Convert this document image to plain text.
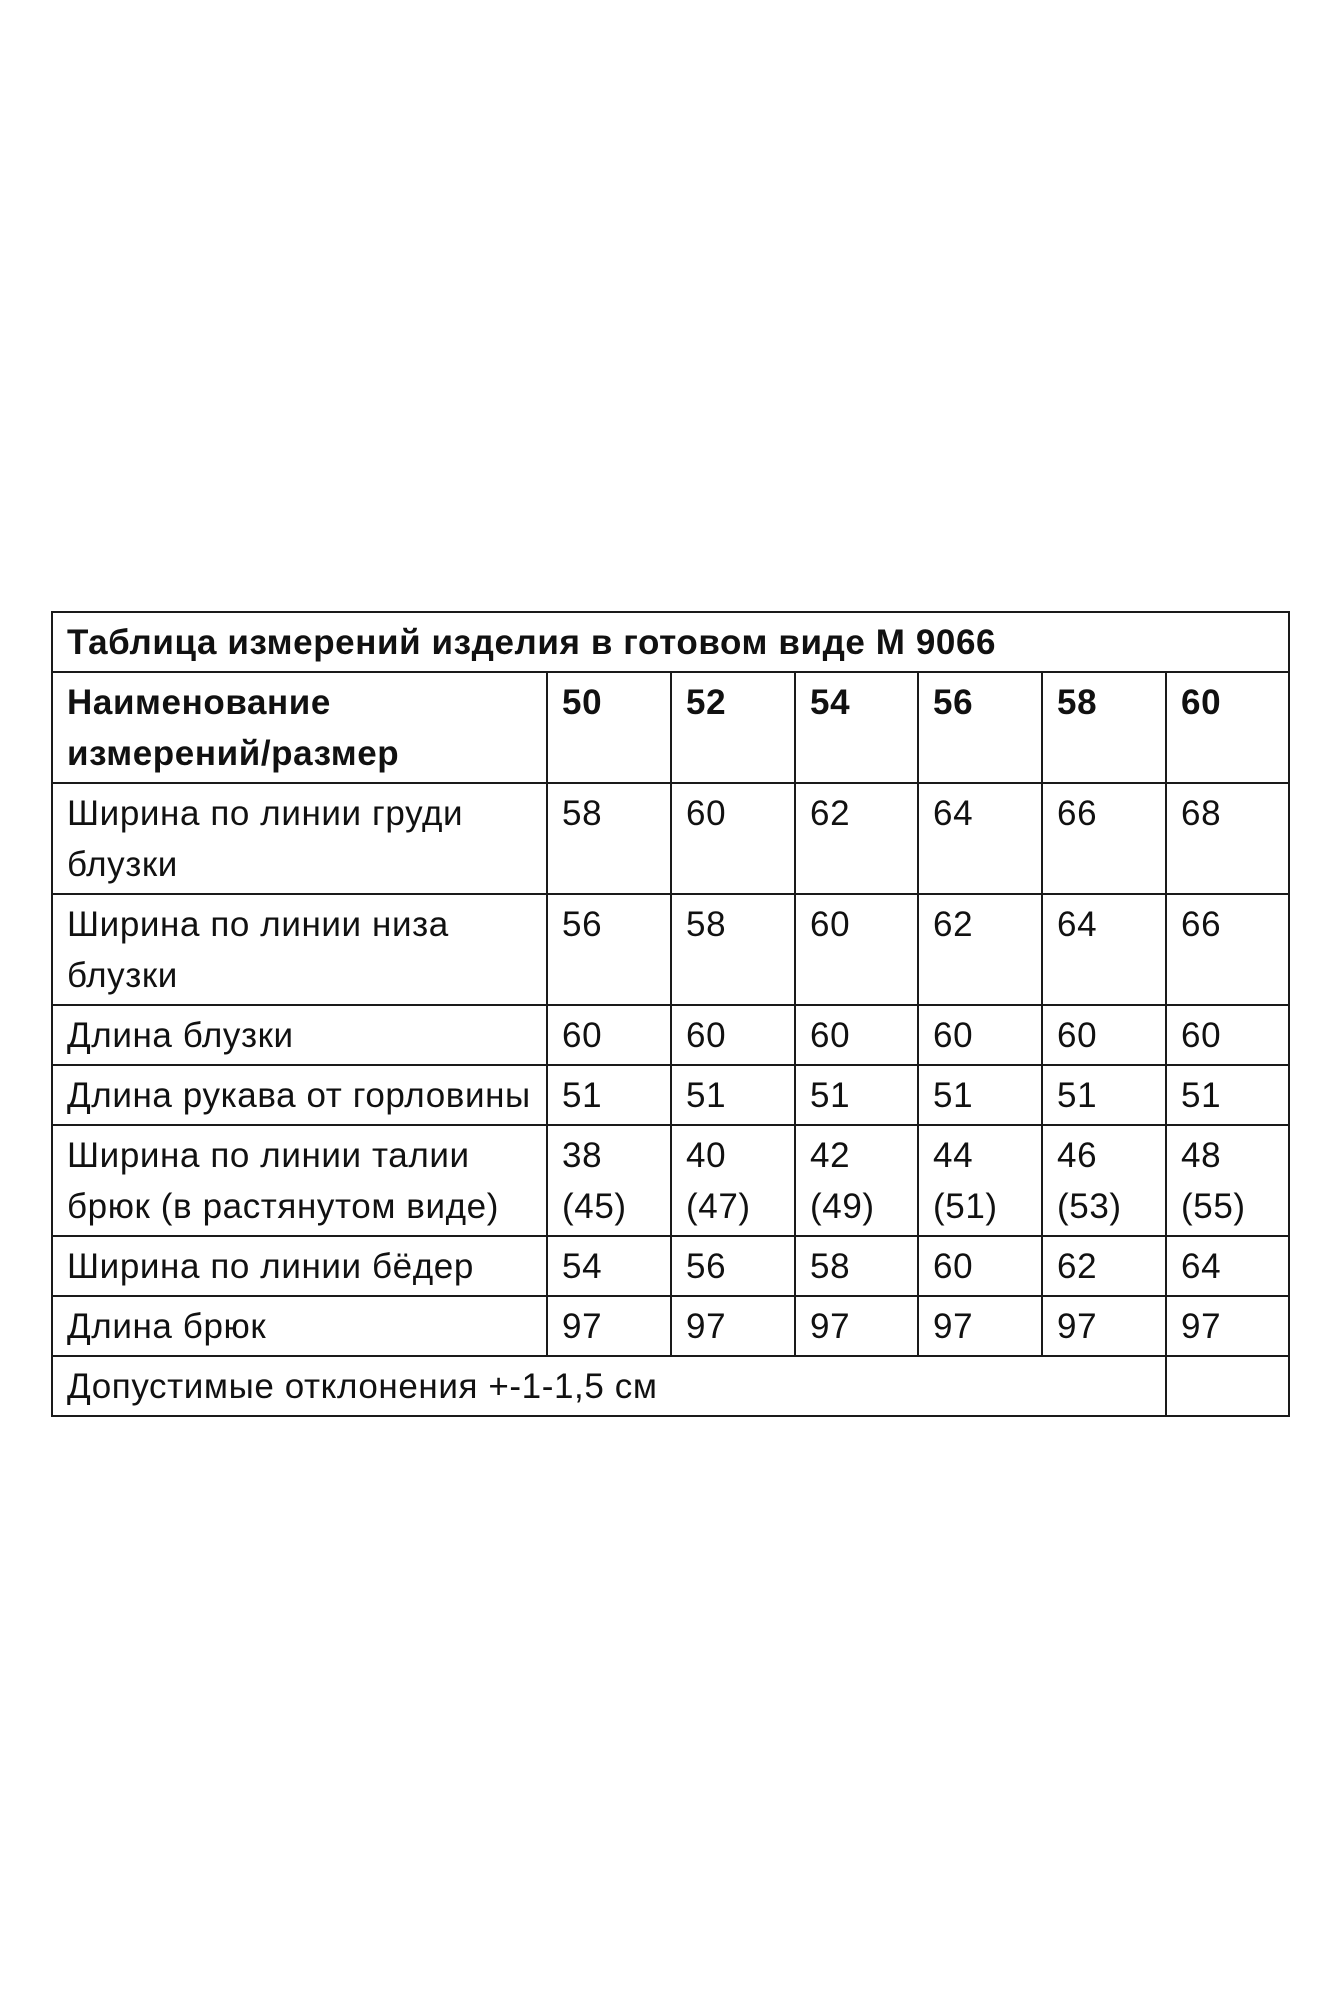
Таблица измерений изделия в готовом виде М 9066						
Наименование измерений/размер	50	52	54	56	58	60
Ширина по линии груди блузки	58	60	62	64	66	68
Ширина по линии низа блузки	56	58	60	62	64	66
Длина блузки	60	60	60	60	60	60
Длина рукава от горловины	51	51	51	51	51	51
Ширина по линии талии брюк (в растянутом виде)	38 (45)	40 (47)	42 (49)	44 (51)	46 (53)	48 (55)
Ширина по линии бёдер	54	56	58	60	62	64
Длина брюк	97	97	97	97	97	97
Допустимые отклонения +-1-1,5 см						
